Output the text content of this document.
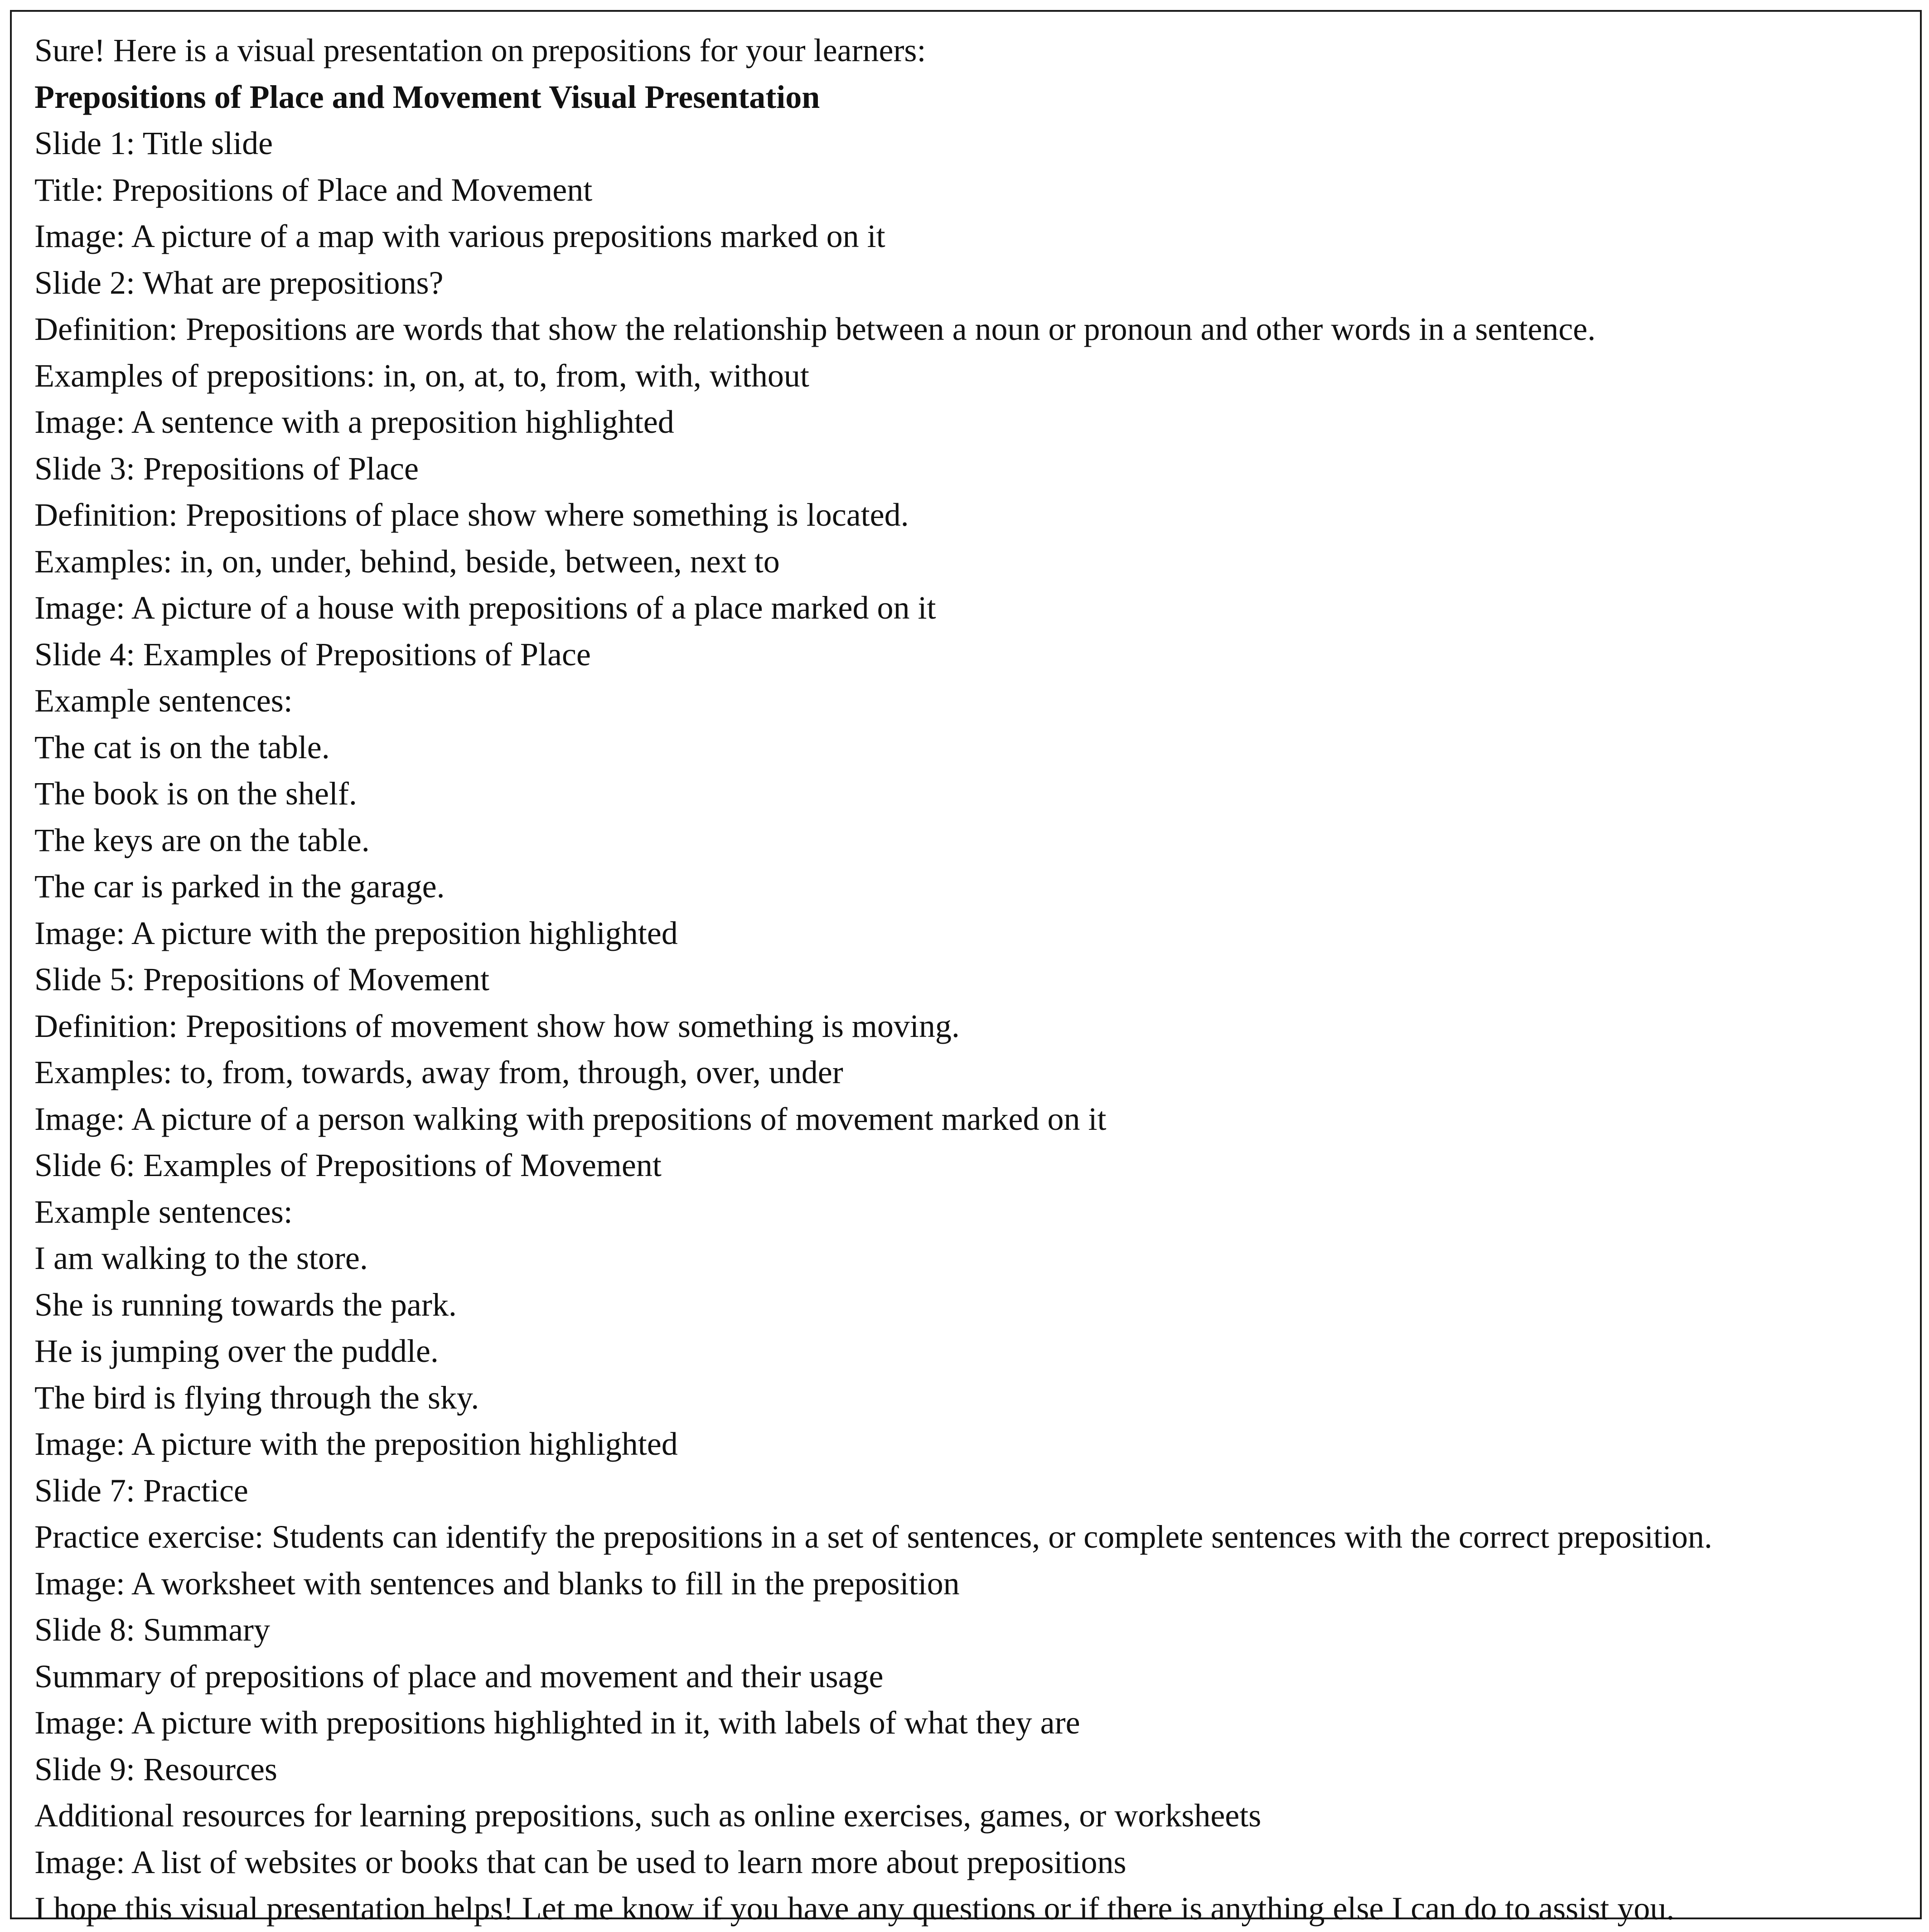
Sure! Here is a visual presentation on prepositions for your learners:
Prepositions of Place and Movement Visual Presentation
Slide 1: Title slide
Title: Prepositions of Place and Movement
Image: A picture of a map with various prepositions marked on it
Slide 2: What are prepositions?
Definition: Prepositions are words that show the relationship between a noun or pronoun and other words in a sentence.
Examples of prepositions: in, on, at, to, from, with, without
Image: A sentence with a preposition highlighted
Slide 3: Prepositions of Place
Definition: Prepositions of place show where something is located.
Examples: in, on, under, behind, beside, between, next to
Image: A picture of a house with prepositions of a place marked on it
Slide 4: Examples of Prepositions of Place
Example sentences:
The cat is on the table.
The book is on the shelf.
The keys are on the table.
The car is parked in the garage.
Image: A picture with the preposition highlighted
Slide 5: Prepositions of Movement
Definition: Prepositions of movement show how something is moving.
Examples: to, from, towards, away from, through, over, under
Image: A picture of a person walking with prepositions of movement marked on it
Slide 6: Examples of Prepositions of Movement
Example sentences:
I am walking to the store.
She is running towards the park.
He is jumping over the puddle.
The bird is flying through the sky.
Image: A picture with the preposition highlighted
Slide 7: Practice
Practice exercise: Students can identify the prepositions in a set of sentences, or complete sentences with the correct preposition.
Image: A worksheet with sentences and blanks to fill in the preposition
Slide 8: Summary
Summary of prepositions of place and movement and their usage
Image: A picture with prepositions highlighted in it, with labels of what they are
Slide 9: Resources
Additional resources for learning prepositions, such as online exercises, games, or worksheets
Image: A list of websites or books that can be used to learn more about prepositions
I hope this visual presentation helps! Let me know if you have any questions or if there is anything else I can do to assist you.
